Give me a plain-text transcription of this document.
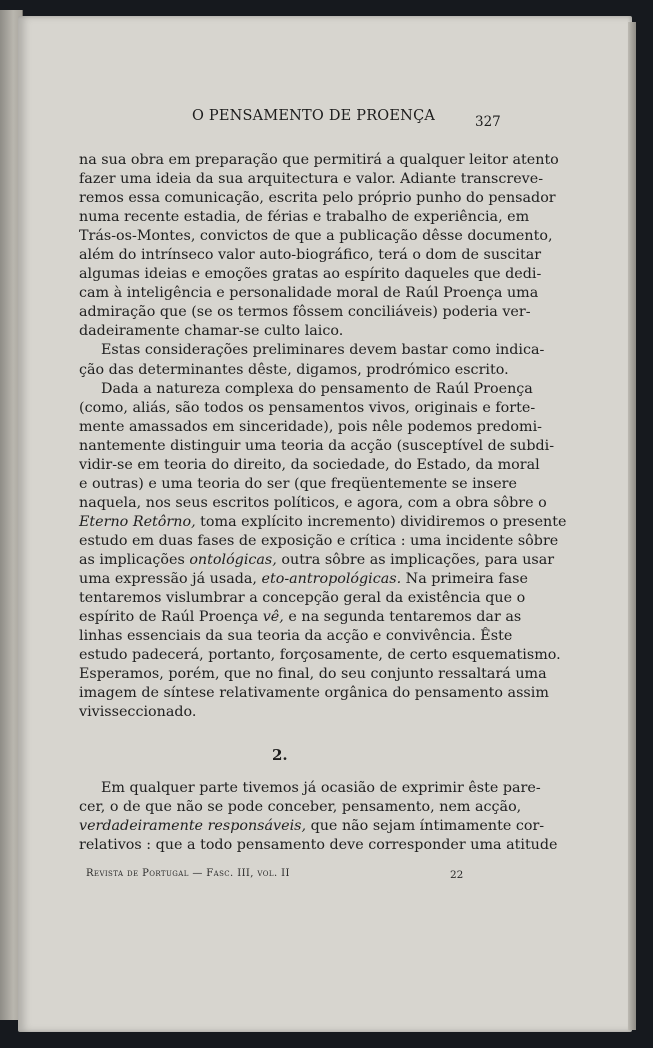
O PENSAMENTO DE PROENÇA	327
na sua obra em preparação que permitirá a qualquer leitor atento
fazer uma ideia da sua arquitectura e valor. Adiante transcreve-
remos essa comunicação, escrita pelo próprio punho do pensador
numa recente estadia, de férias e trabalho de experiência, em
Trás-os-Montes, convictos de que a publicação dêsse documento,
além do intrínseco valor auto-biográfico, terá o dom de suscitar
algumas ideias e emoções gratas ao espírito daqueles que dedi-
cam à inteligência e personalidade moral de Raúl Proença uma
admiração que (se os termos fôssem conciliáveis) poderia ver-
dadeiramente chamar-se culto laico.
Estas considerações preliminares devem bastar como indica-
ção das determinantes dêste, digamos, prodrómico escrito.
Dada a natureza complexa do pensamento de Raúl Proença
(como, aliás, são todos os pensamentos vivos, originais e forte-
mente amassados em sinceridade), pois nêle podemos predomi-
nantemente distinguir uma teoria da acção (susceptível de subdi-
vidir-se em teoria do direito, da sociedade, do Estado, da moral
e outras) e uma teoria do ser (que freqüentemente se insere
naquela, nos seus escritos políticos, e agora, com a obra sôbre o
Eterno Retôrno, toma explícito incremento) dividiremos o presente
estudo em duas fases de exposição e crítica : uma incidente sôbre
as implicações ontológicas, outra sôbre as implicações, para usar
uma expressão já usada, eto-antropológicas. Na primeira fase
tentaremos vislumbrar a concepção geral da existência que o
espírito de Raúl Proença vê, e na segunda tentaremos dar as
linhas essenciais da sua teoria da acção e convivência. Êste
estudo padecerá, portanto, forçosamente, de certo esquematismo.
Esperamos, porém, que no final, do seu conjunto ressaltará uma
imagem de síntese relativamente orgânica do pensamento assim
vivisseccionado.
2.
Em qualquer parte tivemos já ocasião de exprimir êste pare-
cer, o de que não se pode conceber, pensamento, nem acção,
verdadeiramente responsáveis, que não sejam íntimamente cor-
relativos : que a todo pensamento deve corresponder uma atitude
Revista de Portugal — Fasc. III, vol. II	22
